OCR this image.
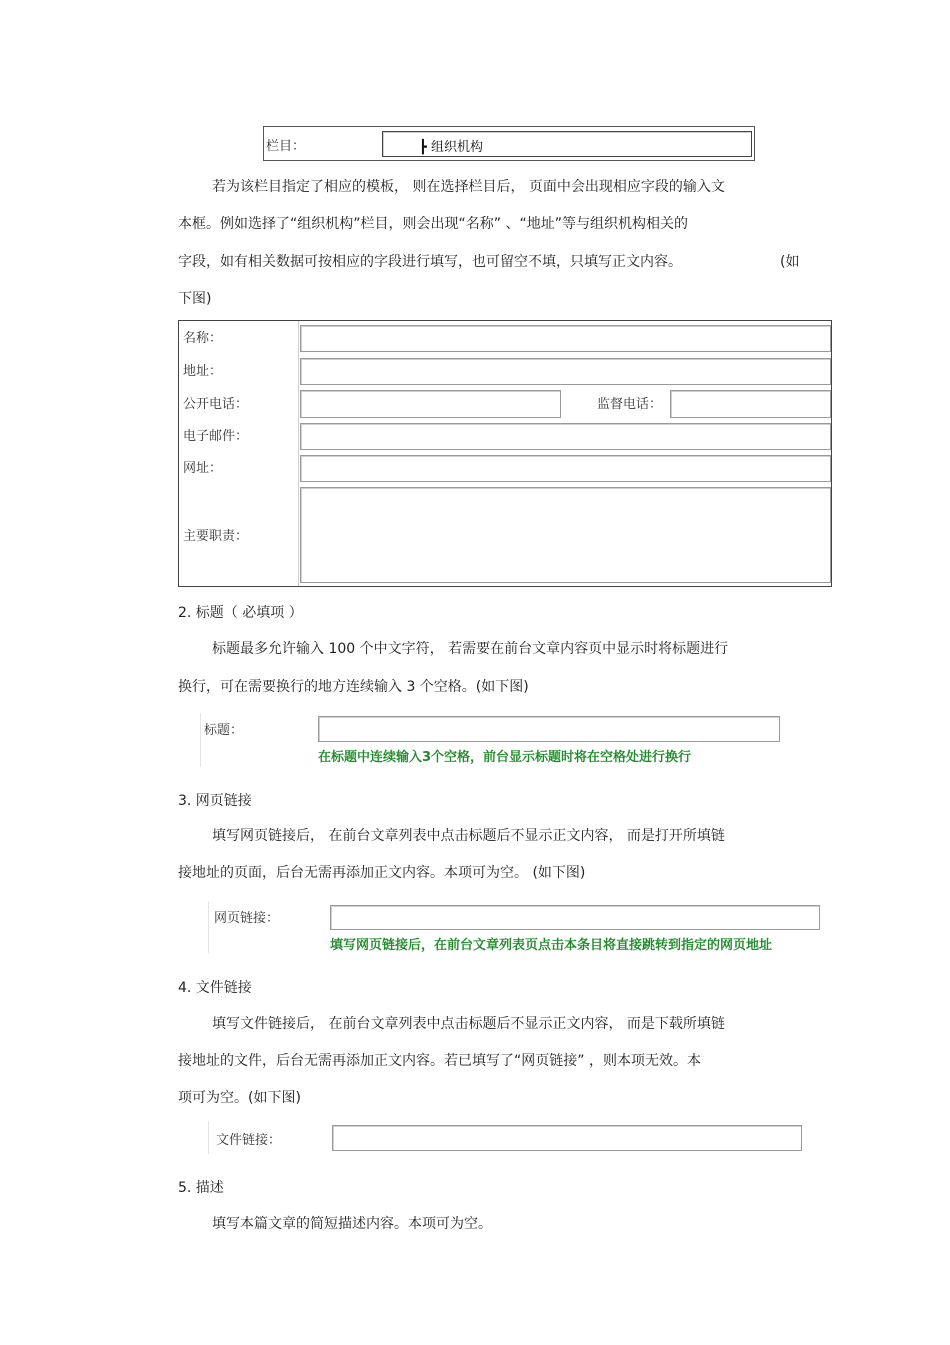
栏目：	┣ 组织机构
若为该栏目指定了相应的模板， 则在选择栏目后， 页面中会出现相应字段的输入文
本框。例如选择了“组织机构”栏目，则会出现“名称” 、“地址”等与组织机构相关的
字段，如有相关数据可按相应的字段进行填写，也可留空不填，只填写正文内容。	(如
下图)
名称：
地址：
公开电话：	监督电话：
电子邮件：
网址：
主要职责：
2. 标题（ 必填项 ）
标题最多允许输入 100 个中文字符， 若需要在前台文章内容页中显示时将标题进行
换行，可在需要换行的地方连续输入 3 个空格。(如下图)
标题：
在标题中连续输入3个空格，前台显示标题时将在空格处进行换行
3. 网页链接
填写网页链接后， 在前台文章列表中点击标题后不显示正文内容， 而是打开所填链
接地址的页面，后台无需再添加正文内容。本项可为空。 (如下图)
网页链接：
填写网页链接后，在前台文章列表页点击本条目将直接跳转到指定的网页地址
4. 文件链接
填写文件链接后， 在前台文章列表中点击标题后不显示正文内容， 而是下载所填链
接地址的文件，后台无需再添加正文内容。若已填写了“网页链接” ，则本项无效。本
项可为空。(如下图)
文件链接：
5. 描述
填写本篇文章的简短描述内容。本项可为空。
